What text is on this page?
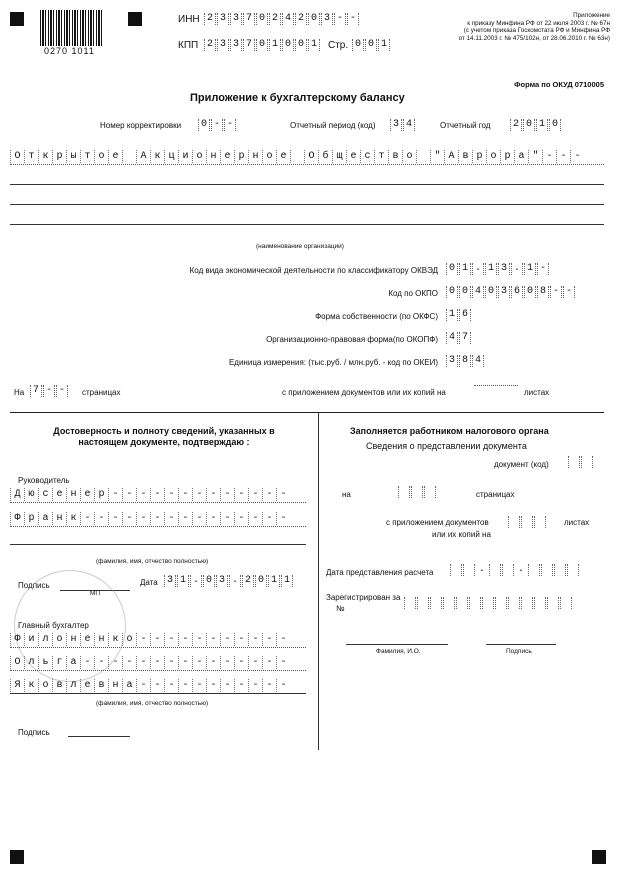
0270 1011
ИНН 2 3 3 7 0 2 4 2 0 3 - -
КПП 2 3 3 7 0 1 0 0 1	Стр. 0 0 1
Приложение
к приказу Минфина РФ от 22 июля 2003 г. № 67н
(с учетом приказа Госкомстата РФ и Минфина РФ
от 14.11.2003 г. № 475/102н, от 28.06.2010 г. № 63н)
Форма по ОКУД 0710005
Приложение к бухгалтерскому балансу
Номер корректировки 0 - -	Отчетный период (код) 3 4	Отчетный год 2 0 1 0
О т к р ы т о е	А к ц и о н е р н о е	О б щ е с т в о	" А в р о р а " - - -
(наименование организации)
Код вида экономической деятельности по классификатору ОКВЭД 0 1 . 1 3 . 1 -
Код по ОКПО 0 0 4 0 3 6 0 8 - -
Форма собственности (по ОКФС) 1 6
Организационно-правовая форма(по ОКОПФ) 4 7
Единица измерения: (тыс.руб. / млн.руб. - код по ОКЕИ) 3 8 4
На 7 - -	страницах	с приложением документов или их копий на	листах
Достоверность и полноту сведений, указанных в настоящем документе, подтверждаю :
Руководитель
Д ю с е н е р - - - - - - - - - - - - -
Ф р а н к - - - - - - - - - - - - - - -
(фамилия, имя, отчество полностью)
Подпись	Дата 3 1 . 0 3 . 2 0 1 1
МП
Главный бухгалтер
Ф и л о н е н к о - - - - - - - - - - -
О л ь г а - - - - - - - - - - - - - - -
Я к о в л е в н а - - - - - - - - - - -
(фамилия, имя, отчество полностью)
Подпись
Заполняется работником налогового органа
Сведения о представлении документа
документ (код)
на	страницах
с приложением документов
или их копий на
листах
Дата представления расчета	.	.
Зарегистрирован за
№
Фамилия, И.О.	Подпись
